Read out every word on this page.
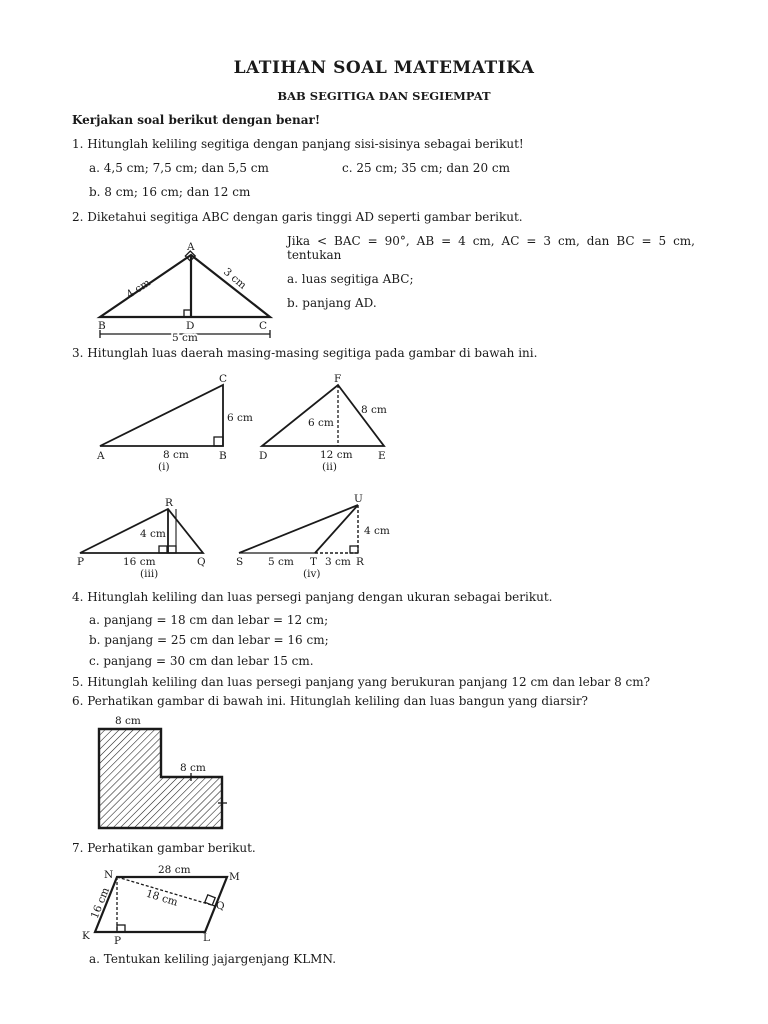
LATIHAN SOAL MATEMATIKA
BAB SEGITIGA DAN SEGIEMPAT
Kerjakan soal berikut dengan benar!
1. Hitunglah keliling segitiga dengan panjang sisi-sisinya sebagai berikut!
a. 4,5 cm; 7,5 cm; dan 5,5 cm	c. 25 cm; 35 cm; dan 20 cm
b. 8 cm; 16 cm; dan 12 cm
2. Diketahui segitiga ABC dengan garis tinggi AD seperti gambar berikut.
Jika < BAC = 90°, AB = 4 cm, AC = 3 cm, dan BC = 5 cm,
tentukan
a. luas segitiga ABC;
b. panjang AD.
A
B	C
D
4 cm	3 cm
5 cm
3. Hitunglah luas daerah masing-masing segitiga pada gambar di bawah ini.
A	B
C
6 cm
8 cm
(i)
D	E
F
6 cm
8 cm
12 cm
(ii)
P	Q
R
4 cm
16 cm
(iii)
S	T	R
U
4 cm
5 cm	3 cm
(iv)
4. Hitunglah keliling dan luas persegi panjang dengan ukuran sebagai berikut.
a. panjang = 18 cm dan lebar = 12 cm;
b. panjang = 25 cm dan lebar = 16 cm;
c. panjang = 30 cm dan lebar 15 cm.
5. Hitunglah keliling dan luas persegi panjang yang berukuran panjang 12 cm dan lebar 8 cm?
6. Perhatikan gambar di bawah ini. Hitunglah keliling dan luas bangun yang diarsir?
8 cm
8 cm
7. Perhatikan gambar berikut.
N	M
K	L
P
Q
28 cm
18 cm
16 cm
a. Tentukan keliling jajargenjang KLMN.
